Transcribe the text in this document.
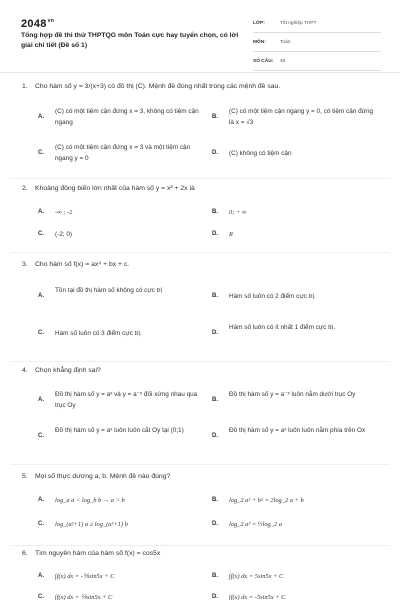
$2048^{vn}$
Tổng hợp đề thi thử THPTQG môn Toán cực hay tuyển chọn, có lời giải chi tiết (Đề số 1)
LỚP:	Tốt nghiệp THPT
MÔN:	Toán
SỐ CÂU:	45
1. Cho hàm số y = 3/(x+3) có đồ thị (C). Mệnh đề đúng nhất trong các mệnh đề sau.
A.
(C) có một tiệm cận đứng x = 3, không có tiệm cận ngang
B.
(C) có một tiệm cận ngang y = 0, có tiệm cận đứng là x = √3
C.
(C) có một tiệm cận đứng x = 3 và một tiệm cận ngang y = 0
D. (C) không có tiệm cận
2. Khoảng đồng biến lớn nhất của hàm số y = x² + 2x là
A. -∞ ; -2	B. 0; + ∞
C. (-2; 0)	D. R
3. Cho hàm số f(x) = ax⁴ + bx + c.
A.
Tồn tại đồ thị hàm số không có cực trị
B. Hàm số luôn có 2 điểm cực trị.
C. Hàm số luôn có 3 điểm cực trị.	D.
Hàm số luôn có ít nhất 1 điểm cực trị.
4. Chọn khẳng định sai?
A.
Đồ thị hàm số y = aˣ và y = a⁻ˣ đối xứng nhau qua trục Oy
B.
Đồ thị hàm số y = a⁻ˣ luôn nằm dưới trục Oy
C.
Đồ thị hàm số y = aˣ luôn luôn cắt Oy tại (0;1)
D.
Đồ thị hàm số y = aˣ luôn luôn nằm phía trên Ox
5. Mọi số thực dương a, b. Mệnh đề nào đúng?
A. log_a a < log_b b → a > b	B. log_2 a² + b² = 2log_2 a + b
C. log_(a²+1) a ≥ log_(a²+1) b	D. log_2 a² = ½log_2 a
6. Tìm nguyên hàm của hàm số f(x) = cos5x
A. ∫f(x) dx = -⅕sin5x + C	B. ∫f(x) dx = 5sin5x + C
C. ∫f(x) dx = ⅕sin5x + C	D. ∫f(x) dx = -5sin5x + C
